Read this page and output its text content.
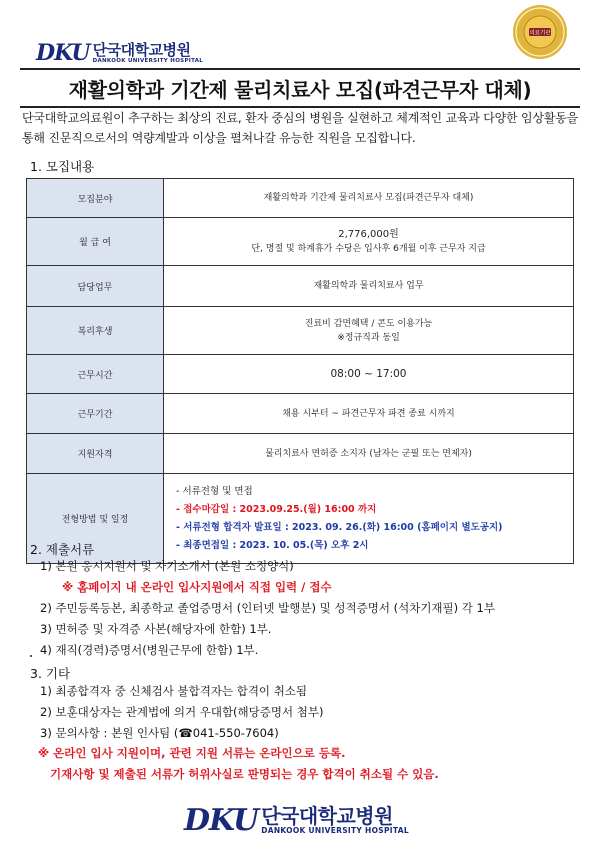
DKU 단국대학교병원
DANKOOK UNIVERSITY HOSPITAL
의료기관
재활의학과 기간제 물리치료사 모집(파견근무자 대체)
단국대학교의료원이 추구하는 최상의 진료, 환자 중심의 병원을 실현하고 체계적인 교육과 다양한 임상활동을 통해 진문직으로서의 역량계발과 이상을 펼쳐나갈 유능한 직원을 모집합니다.
1. 모집내용
모집분야	재활의학과 기간제 물리치료사 모집(파견근무자 대체)

월 급 여	2,776,000원
단, 명절 및 하계휴가 수당은 입사후 6개월 이후 근무자 지급

담당업무	재활의학과 물리치료사 업무

복리후생	진료비 감면혜택 / 콘도 이용가능
※정규직과 동일

근무시간	08:00 ~ 17:00

근무기간	채용 시부터 ~ 파견근무자 파견 종료 시까지

지원자격	물리치료사 면허증 소지자 (남자는 군필 또는 면제자)

전형방법 및 일정	- 서류전형 및 면접
- 접수마감일 : 2023.09.25.(월) 16:00 까지
- 서류전형 합격자 발표일 : 2023. 09. 26.(화) 16:00 (홈페이지 별도공지)
- 최종면접일 : 2023. 10. 05.(목) 오후 2시
2. 제출서류
1) 본원 응시지원서 및 자기소개서 (본원 소정양식)
※ 홈페이지 내 온라인 입사지원에서 직접 입력 / 접수
2) 주민등록등본, 최종학교 졸업증명서 (인터넷 발행분) 및 성적증명서 (석차기재필) 각 1부
3) 면허증 및 자격증 사본(해당자에 한함) 1부.
4) 재직(경력)증명서(병원근무에 한함) 1부.
3. 기타
1) 최종합격자 중 신체검사 불합격자는 합격이 취소됨
2) 보훈대상자는 관계법에 의거 우대함(해당증명서 첨부)
3) 문의사항 : 본원 인사팀 (☎041-550-7604)
※ 온라인 입사 지원이며, 관련 지원 서류는 온라인으로 등록.
기재사항 및 제출된 서류가 허위사실로 판명되는 경우 합격이 취소될 수 있음.
DKU 단국대학교병원
DANKOOK UNIVERSITY HOSPITAL
